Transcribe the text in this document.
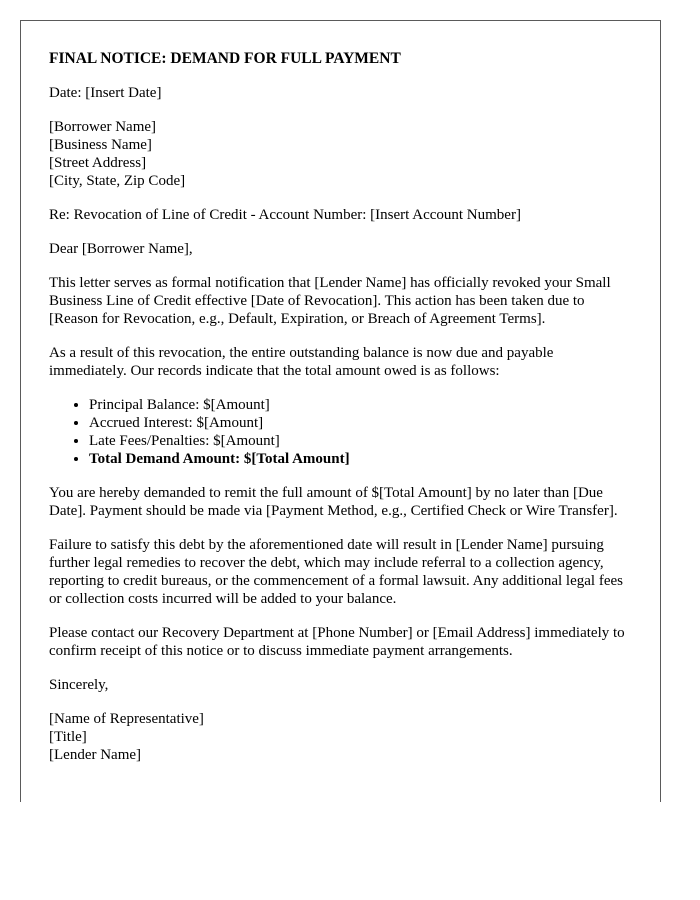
FINAL NOTICE: DEMAND FOR FULL PAYMENT

Date: [Insert Date]

[Borrower Name]
[Business Name]
[Street Address]
[City, State, Zip Code]

Re: Revocation of Line of Credit - Account Number: [Insert Account Number]

Dear [Borrower Name],

This letter serves as formal notification that [Lender Name] has officially revoked your Small Business Line of Credit effective [Date of Revocation]. This action has been taken due to [Reason for Revocation, e.g., Default, Expiration, or Breach of Agreement Terms].

As a result of this revocation, the entire outstanding balance is now due and payable immediately. Our records indicate that the total amount owed is as follows:

• Principal Balance: $[Amount]
• Accrued Interest: $[Amount]
• Late Fees/Penalties: $[Amount]
• Total Demand Amount: $[Total Amount]

You are hereby demanded to remit the full amount of $[Total Amount] by no later than [Due Date]. Payment should be made via [Payment Method, e.g., Certified Check or Wire Transfer].

Failure to satisfy this debt by the aforementioned date will result in [Lender Name] pursuing further legal remedies to recover the debt, which may include referral to a collection agency, reporting to credit bureaus, or the commencement of a formal lawsuit. Any additional legal fees or collection costs incurred will be added to your balance.

Please contact our Recovery Department at [Phone Number] or [Email Address] immediately to confirm receipt of this notice or to discuss immediate payment arrangements.

Sincerely,

[Name of Representative]
[Title]
[Lender Name]
